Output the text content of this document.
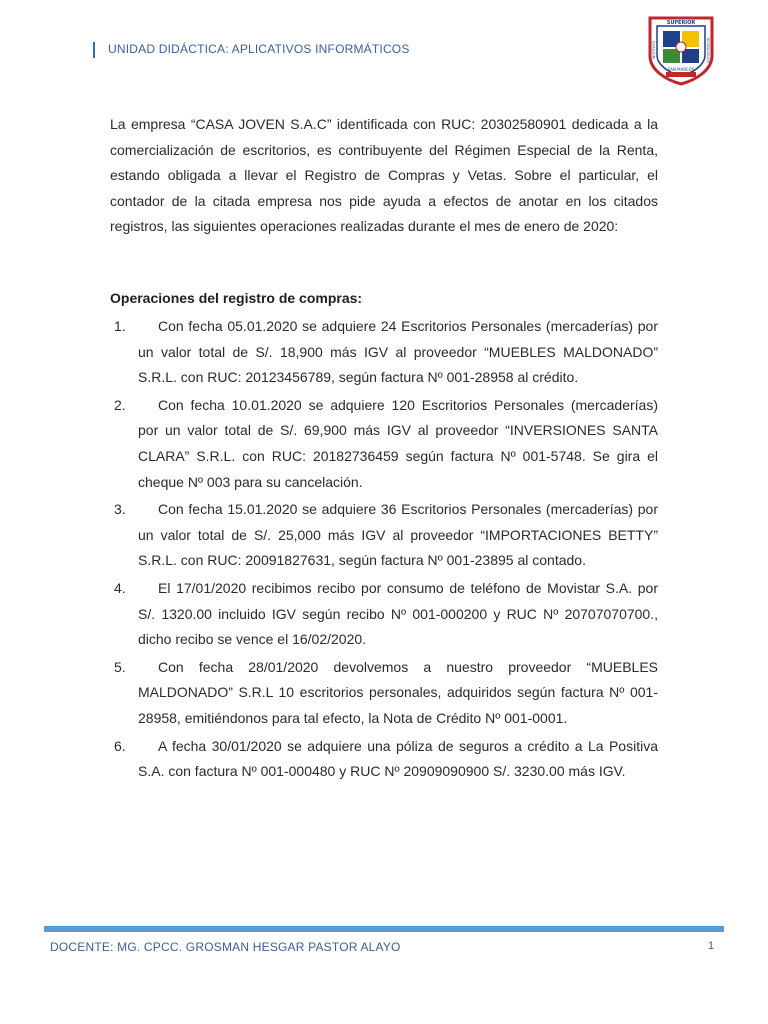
UNIDAD DIDÁCTICA: APLICATIVOS INFORMÁTICOS
SUPERIOR
SAN MARCOS
INSTITUTO	TECNOLÓGICO
La empresa “CASA JOVEN S.A.C” identificada con RUC: 20302580901 dedicada a la comercialización de escritorios, es contribuyente del Régimen Especial de la Renta, estando obligada a llevar el Registro de Compras y Vetas. Sobre el particular, el contador de la citada empresa nos pide ayuda a efectos de anotar en los citados registros, las siguientes operaciones realizadas durante el mes de enero de 2020:
Operaciones del registro de compras:
1.	Con fecha 05.01.2020 se adquiere 24 Escritorios Personales (mercaderías) por un valor total de S/. 18,900 más IGV al proveedor “MUEBLES MALDONADO” S.R.L. con RUC: 20123456789, según factura Nº 001-28958 al crédito.
2.	Con fecha 10.01.2020 se adquiere 120 Escritorios Personales (mercaderías) por un valor total de S/. 69,900 más IGV al proveedor “INVERSIONES SANTA CLARA” S.R.L. con RUC: 20182736459 según factura Nº 001-5748. Se gira el cheque Nº 003 para su cancelación.
3.	Con fecha 15.01.2020 se adquiere 36 Escritorios Personales (mercaderías) por un valor total de S/. 25,000 más IGV al proveedor “IMPORTACIONES BETTY” S.R.L. con RUC: 20091827631, según factura Nº 001-23895 al contado.
4.	El 17/01/2020 recibimos recibo por consumo de teléfono de Movistar S.A. por S/. 1320.00 incluido IGV según recibo Nº 001-000200 y RUC Nº 20707070700., dicho recibo se vence el 16/02/2020.
5.	Con fecha 28/01/2020 devolvemos a nuestro proveedor “MUEBLES MALDONADO” S.R.L 10 escritorios personales, adquiridos según factura Nº 001-28958, emitiéndonos para tal efecto, la Nota de Crédito Nº 001-0001.
6.	A fecha 30/01/2020 se adquiere una póliza de seguros a crédito a La Positiva S.A. con factura Nº 001-000480 y RUC Nº 20909090900 S/. 3230.00 más IGV.
DOCENTE: MG. CPCC. GROSMAN HESGAR PASTOR ALAYO	1
